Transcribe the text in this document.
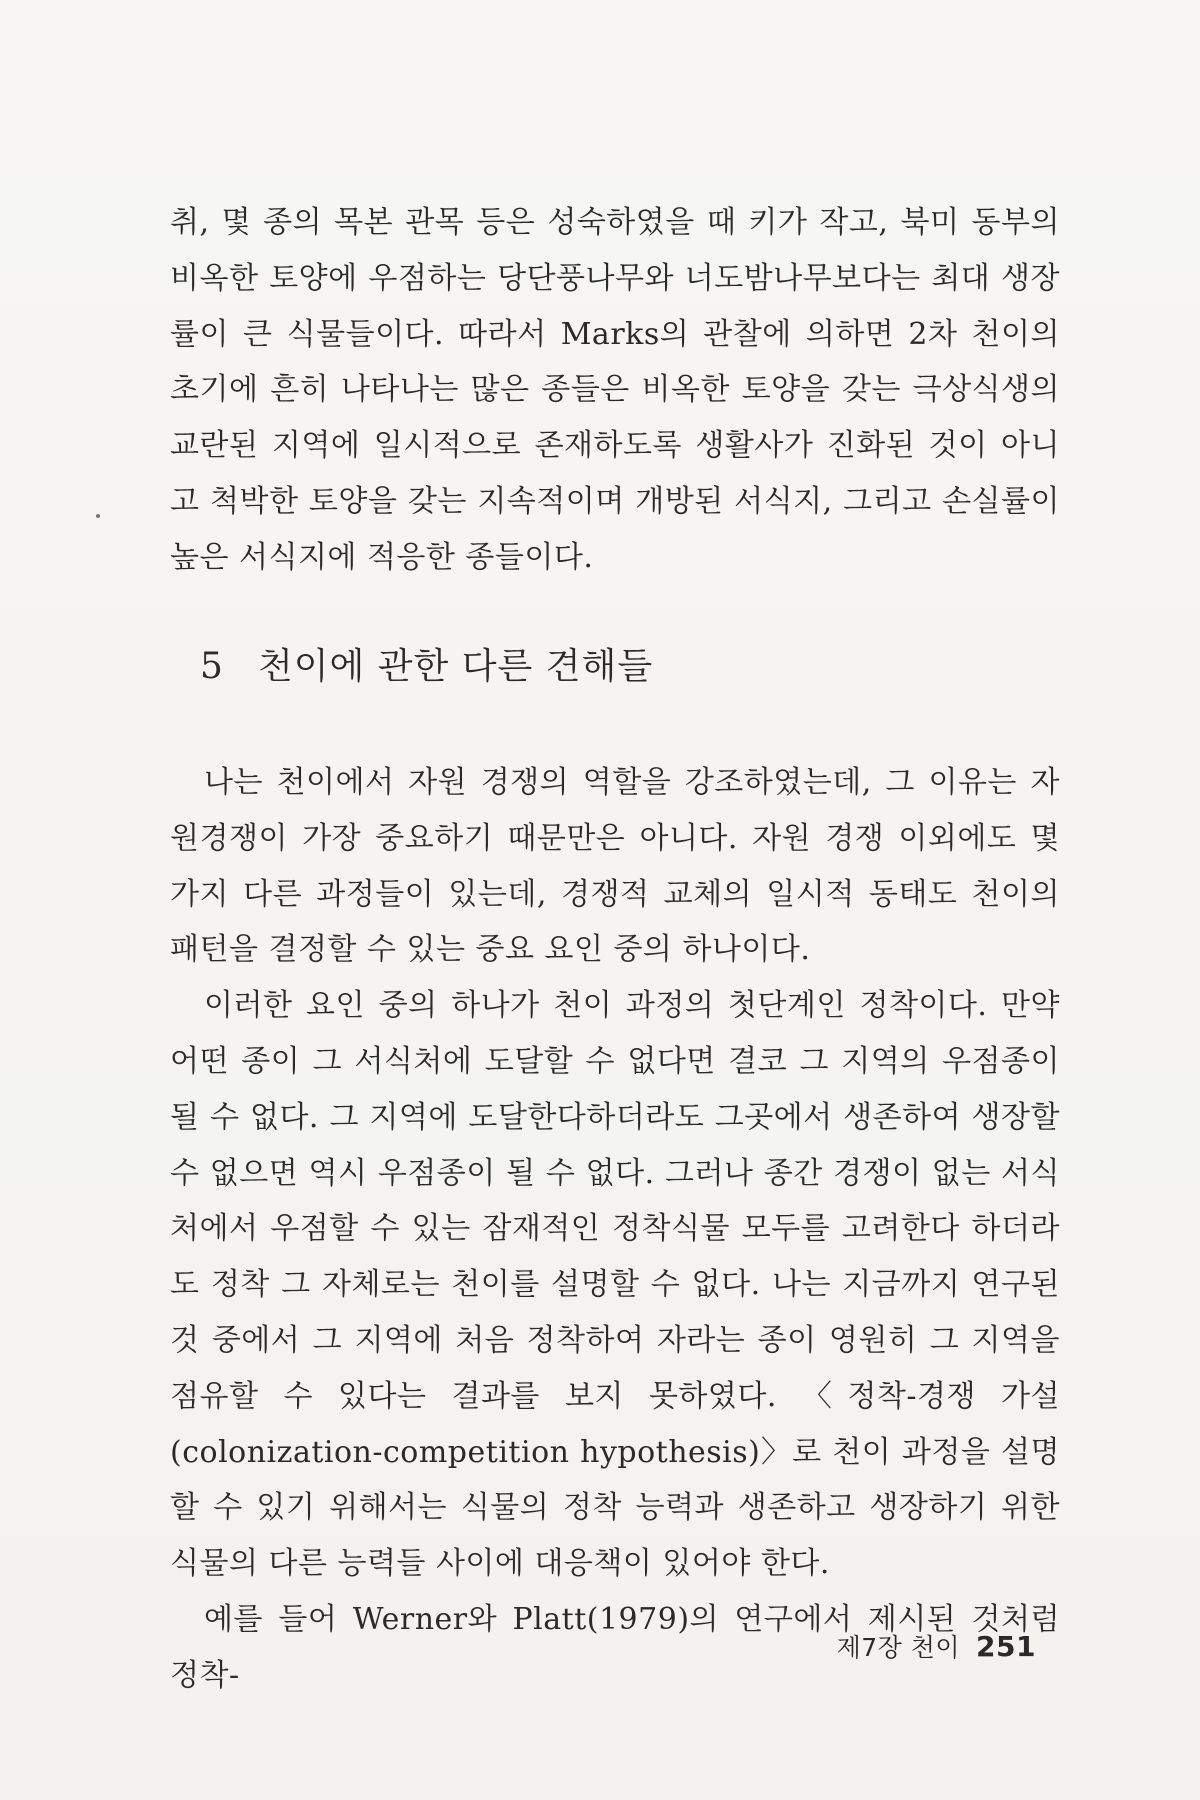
취, 몇 종의 목본 관목 등은 성숙하였을 때 키가 작고, 북미 동부의 비옥한 토양에 우점하는 당단풍나무와 너도밤나무보다는 최대 생장률이 큰 식물들이다. 따라서 Marks의 관찰에 의하면 2차 천이의 초기에 흔히 나타나는 많은 종들은 비옥한 토양을 갖는 극상식생의 교란된 지역에 일시적으로 존재하도록 생활사가 진화된 것이 아니고 척박한 토양을 갖는 지속적이며 개방된 서식지, 그리고 손실률이 높은 서식지에 적응한 종들이다.

5 천이에 관한 다른 견해들

나는 천이에서 자원 경쟁의 역할을 강조하였는데, 그 이유는 자원경쟁이 가장 중요하기 때문만은 아니다. 자원 경쟁 이외에도 몇 가지 다른 과정들이 있는데, 경쟁적 교체의 일시적 동태도 천이의 패턴을 결정할 수 있는 중요 요인 중의 하나이다.

이러한 요인 중의 하나가 천이 과정의 첫단계인 정착이다. 만약 어떤 종이 그 서식처에 도달할 수 없다면 결코 그 지역의 우점종이 될 수 없다. 그 지역에 도달한다하더라도 그곳에서 생존하여 생장할 수 없으면 역시 우점종이 될 수 없다. 그러나 종간 경쟁이 없는 서식처에서 우점할 수 있는 잠재적인 정착식물 모두를 고려한다 하더라도 정착 그 자체로는 천이를 설명할 수 없다. 나는 지금까지 연구된 것 중에서 그 지역에 처음 정착하여 자라는 종이 영원히 그 지역을 점유할 수 있다는 결과를 보지 못하였다. 〈정착-경쟁 가설(colonization-competition hypothesis)〉로 천이 과정을 설명할 수 있기 위해서는 식물의 정착 능력과 생존하고 생장하기 위한 식물의 다른 능력들 사이에 대응책이 있어야 한다.

예를 들어 Werner와 Platt(1979)의 연구에서 제시된 것처럼 정착-

제7장 천이 251
